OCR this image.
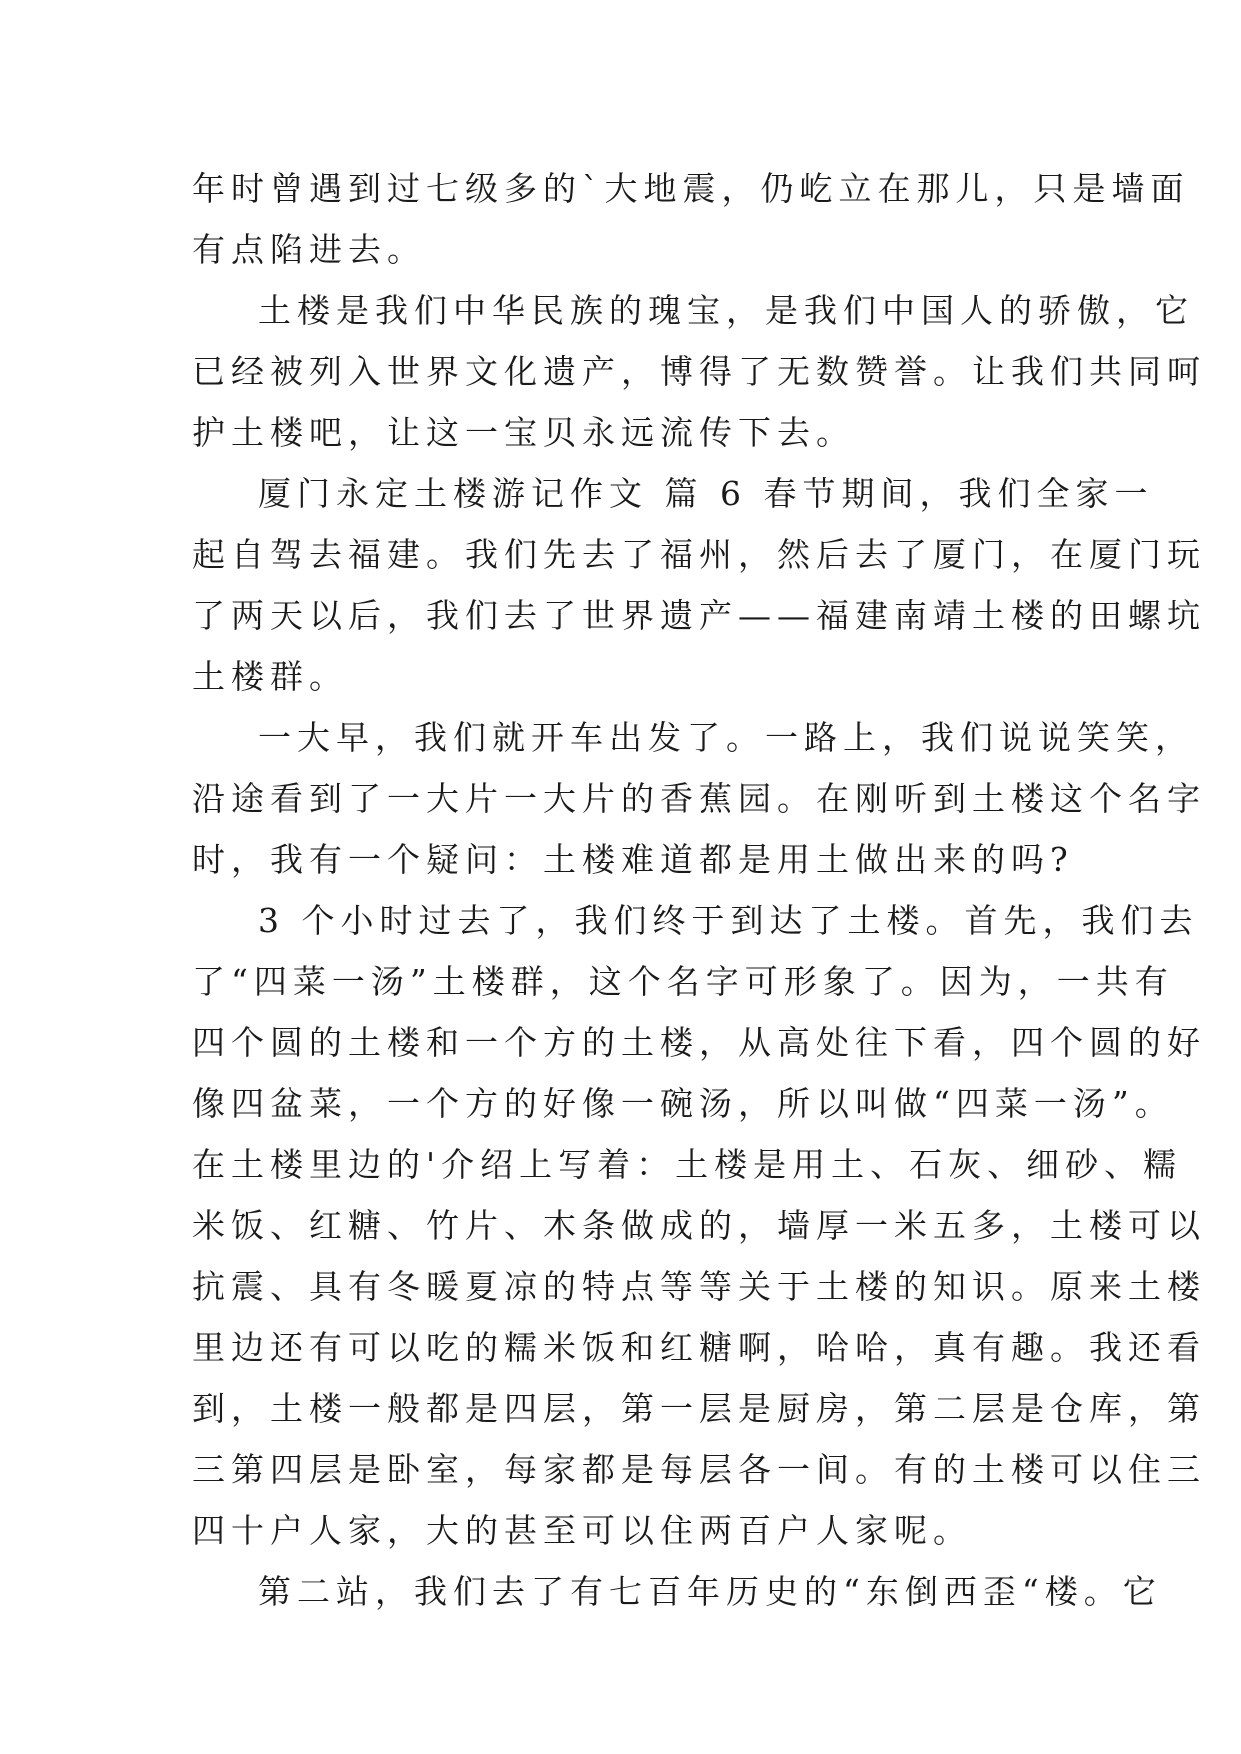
年时曾遇到过七级多的`大地震，仍屹立在那儿，只是墙面
有点陷进去。
土楼是我们中华民族的瑰宝，是我们中国人的骄傲，它
已经被列入世界文化遗产，博得了无数赞誉。让我们共同呵
护土楼吧，让这一宝贝永远流传下去。
厦门永定土楼游记作文 篇 6 春节期间，我们全家一
起自驾去福建。我们先去了福州，然后去了厦门，在厦门玩
了两天以后，我们去了世界遗产——福建南靖土楼的田螺坑
土楼群。
一大早，我们就开车出发了。一路上，我们说说笑笑，
沿途看到了一大片一大片的香蕉园。在刚听到土楼这个名字
时，我有一个疑问：土楼难道都是用土做出来的吗?
3 个小时过去了，我们终于到达了土楼。首先，我们去
了“四菜一汤”土楼群，这个名字可形象了。因为，一共有
四个圆的土楼和一个方的土楼，从高处往下看，四个圆的好
像四盆菜，一个方的好像一碗汤，所以叫做“四菜一汤”。
在土楼里边的'介绍上写着：土楼是用土、石灰、细砂、糯
米饭、红糖、竹片、木条做成的，墙厚一米五多，土楼可以
抗震、具有冬暖夏凉的特点等等关于土楼的知识。原来土楼
里边还有可以吃的糯米饭和红糖啊，哈哈，真有趣。我还看
到，土楼一般都是四层，第一层是厨房，第二层是仓库，第
三第四层是卧室，每家都是每层各一间。有的土楼可以住三
四十户人家，大的甚至可以住两百户人家呢。
第二站，我们去了有七百年历史的“东倒西歪“楼。它
